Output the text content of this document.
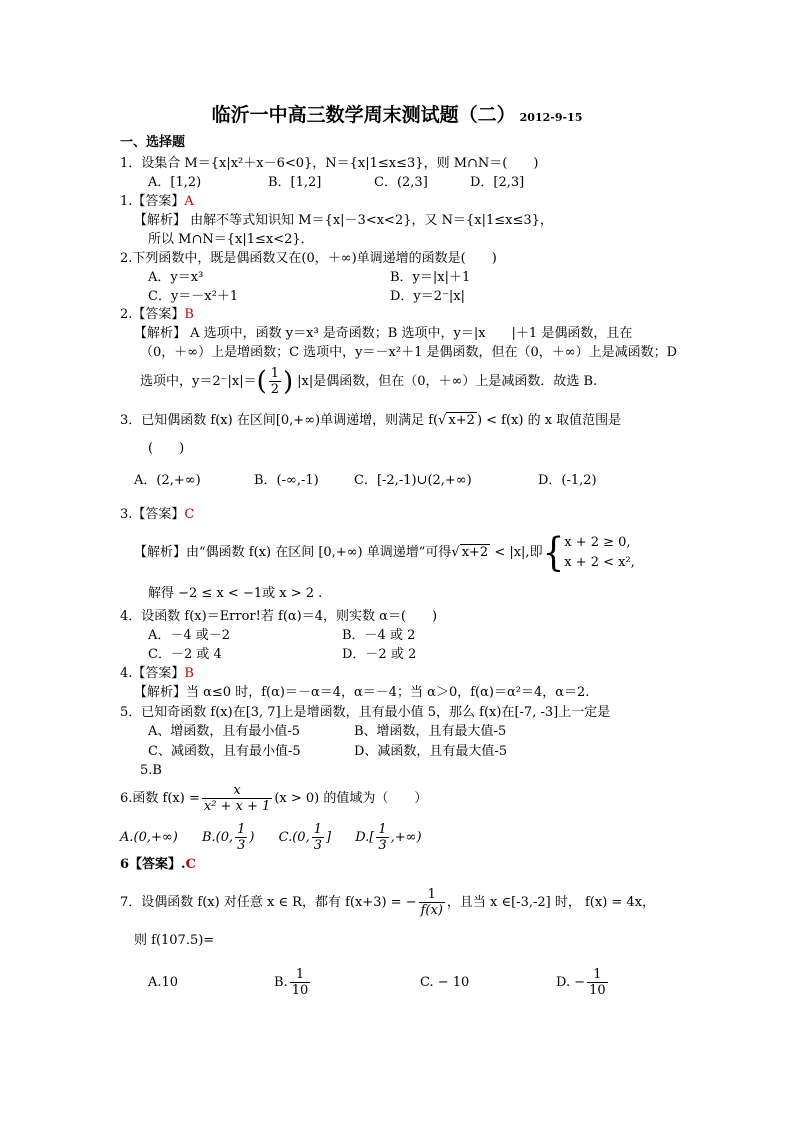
临沂一中高三数学周末测试题（二） 2012-9-15
一、选择题
1．设集合 M＝{x|x²＋x－6<0}，N＝{x|1≤x≤3}，则 M∩N＝(　　)
A．[1,2)	B．[1,2]	C．(2,3]	D．[2,3]
1.【答案】A
【解析】 由解不等式知识知 M＝{x|－3<x<2}，又 N＝{x|1≤x≤3}，
所以 M∩N＝{x|1≤x<2}．
2.下列函数中，既是偶函数又在(0，＋∞)单调递增的函数是(　　)
A．y＝x³	B．y＝|x|＋1
C．y＝－x²＋1	D．y＝2⁻|x|
2.【答案】B
【解析】 A 选项中，函数 y＝x³ 是奇函数；B 选项中，y＝|x　　|＋1 是偶函数，且在
（0，＋∞）上是增函数；C 选项中，y＝－x²＋1 是偶函数，但在（0，＋∞）上是减函数；D
选项中，$y=2^-|x|=( \frac{1}{2}$ ) |x|是偶函数，但在（0，＋∞）上是减函数．故选 B.
3．已知偶函数 f(x) 在区间[0,+∞)单调递增，则满足 f(√ x+2 ) < f(x) 的 x 取值范围是
(　　)
A．(2,+∞)	B．(-∞,-1)	C．[-2,-1)∪(2,+∞)	D．(-1,2)
3.【答案】C
【解析】由“偶函数 f(x) 在区间 [0,+∞) 单调递增”可得√ x+2 < |x|,即{ x + 2 ≥ 0,
x + 2 < x²,
解得 −2 ≤ x < −1或 x > 2 .
4．设函数 f(x)＝Error!若 f(α)＝4，则实数 α＝(　　)
A．－4 或－2	B．－4 或 2
C．－2 或 4	D．－2 或 2
4.【答案】B
【解析】当 α≤0 时，f(α)＝－α＝4，α＝－4；当 α＞0，f(α)＝α²＝4，α＝2.
5．已知奇函数 f(x)在[3, 7]上是增函数，且有最小值 5，那么 f(x)在[-7, -3]上一定是
A、增函数，且有最小值-5	B、增函数，且有最大值-5
C、减函数，且有最小值-5	D、减函数，且有最大值-5
5.B
6.函数 $f(x) = \frac{x}{\text{x² + x + 1}} (x > 0)$ 的值域为（　　）
A.(0,+∞) B.(0, $\frac{1}{3}$ ) C.(0, $\frac{1}{3}$ ] $D.[ \frac{1}{3}$ ,+∞)
6【答案】.C
7．设偶函数 f(x) 对任意 x ∈ R，都有 f(x+3) = − $\frac{1}{f(x)}$ ，且当 x ∈[-3,-2] 时， f(x) = 4x，
则 f(107.5)=
A.10	B. $\frac{1}{10}$	C. − 10	D. − $\frac{1}{10}$
